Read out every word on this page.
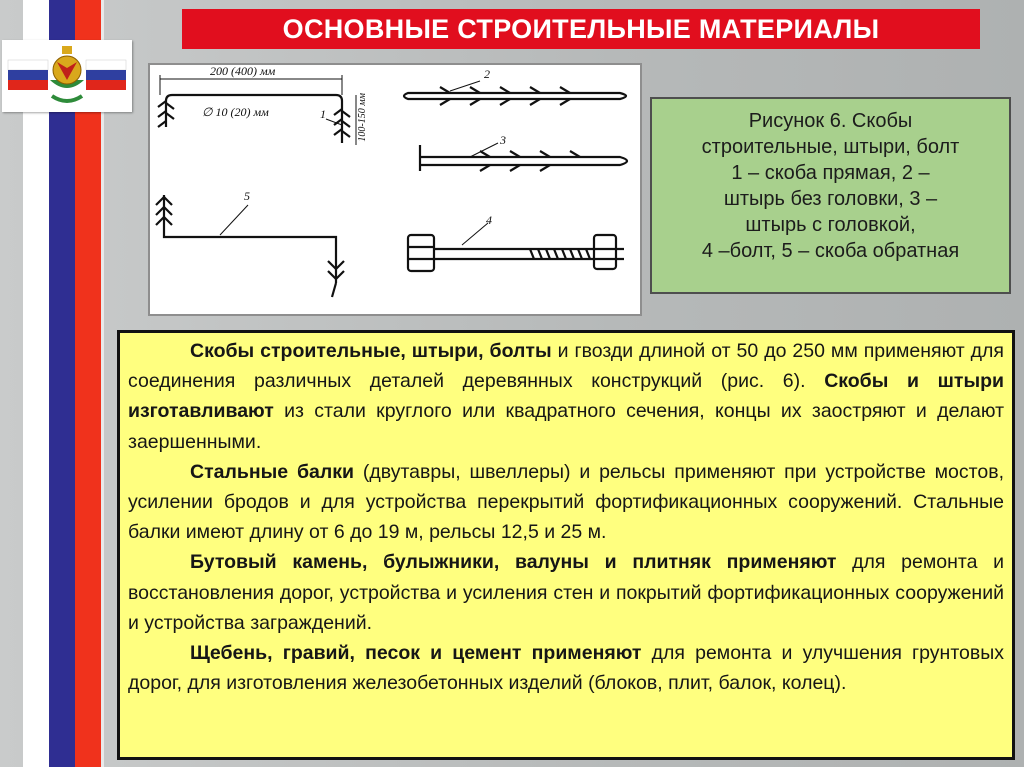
ОСНОВНЫЕ СТРОИТЕЛЬНЫЕ МАТЕРИАЛЫ
200 (400) мм
100-150 мм
∅ 10 (20) мм	1
2
3
4
5
Рисунок 6. Скобы
строительные, штыри, болт
1 – скоба прямая, 2 –
штырь без головки, 3 –
штырь с головкой,
4 –болт, 5 – скоба обратная

Скобы строительные, штыри, болты и гвозди длиной от 50 до 250 мм применяют для соединения различных деталей деревянных конструкций (рис. 6). Скобы и штыри изготавливают из стали круглого или квадратного сечения, концы их заостряют и делают заершенными.

Стальные балки (двутавры, швеллеры) и рельсы применяют при устройстве мостов, усилении бродов и для устройства перекрытий фортификационных сооружений. Стальные балки имеют длину от 6 до 19 м, рельсы 12,5 и 25 м.

Бутовый камень, булыжники, валуны и плитняк применяют для ремонта и восстановления дорог, устройства и усиления стен и покрытий фортификационных сооружений и устройства заграждений.

Щебень, гравий, песок и цемент применяют для ремонта и улучшения грунтовых дорог, для изготовления железобетонных изделий (блоков, плит, балок, колец).
